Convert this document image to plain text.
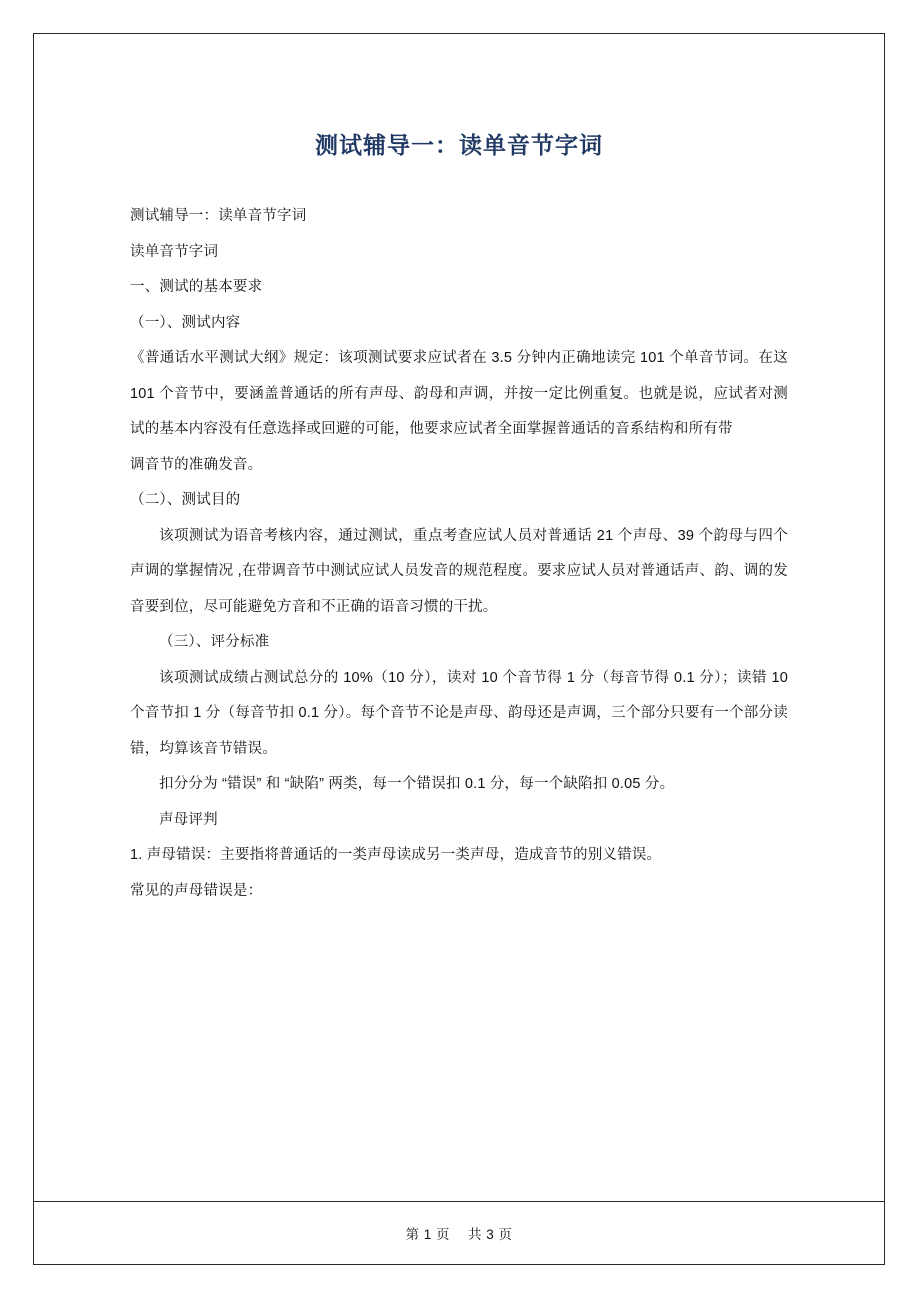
测试辅导一：读单音节字词

测试辅导一：读单音节字词

读单音节字词

一、测试的基本要求

（一）、测试内容

《普通话水平测试大纲》规定：该项测试要求应试者在 3.5 分钟内正确地读完 101 个单音节词。在这 101 个音节中，要涵盖普通话的所有声母、韵母和声调，并按一定比例重复。也就是说，应试者对测试的基本内容没有任意选择或回避的可能，他要求应试者全面掌握普通话的音系结构和所有带

调音节的准确发音。

（二）、测试目的

该项测试为语音考核内容，通过测试，重点考查应试人员对普通话 21 个声母、39 个韵母与四个声调的掌握情况 ,在带调音节中测试应试人员发音的规范程度。要求应试人员对普通话声、韵、调的发音要到位，尽可能避免方音和不正确的语音习惯的干扰。

（三）、评分标准

该项测试成绩占测试总分的 10%（10 分），读对 10 个音节得 1 分（每音节得 0.1 分）；读错 10 个音节扣 1 分（每音节扣 0.1 分）。每个音节不论是声母、韵母还是声调，三个部分只要有一个部分读错，均算该音节错误。

扣分分为 “错误” 和 “缺陷” 两类，每一个错误扣 0.1 分，每一个缺陷扣 0.05 分。

声母评判

1. 声母错误：主要指将普通话的一类声母读成另一类声母，造成音节的别义错误。

常见的声母错误是：

第 1 页 共 3 页
